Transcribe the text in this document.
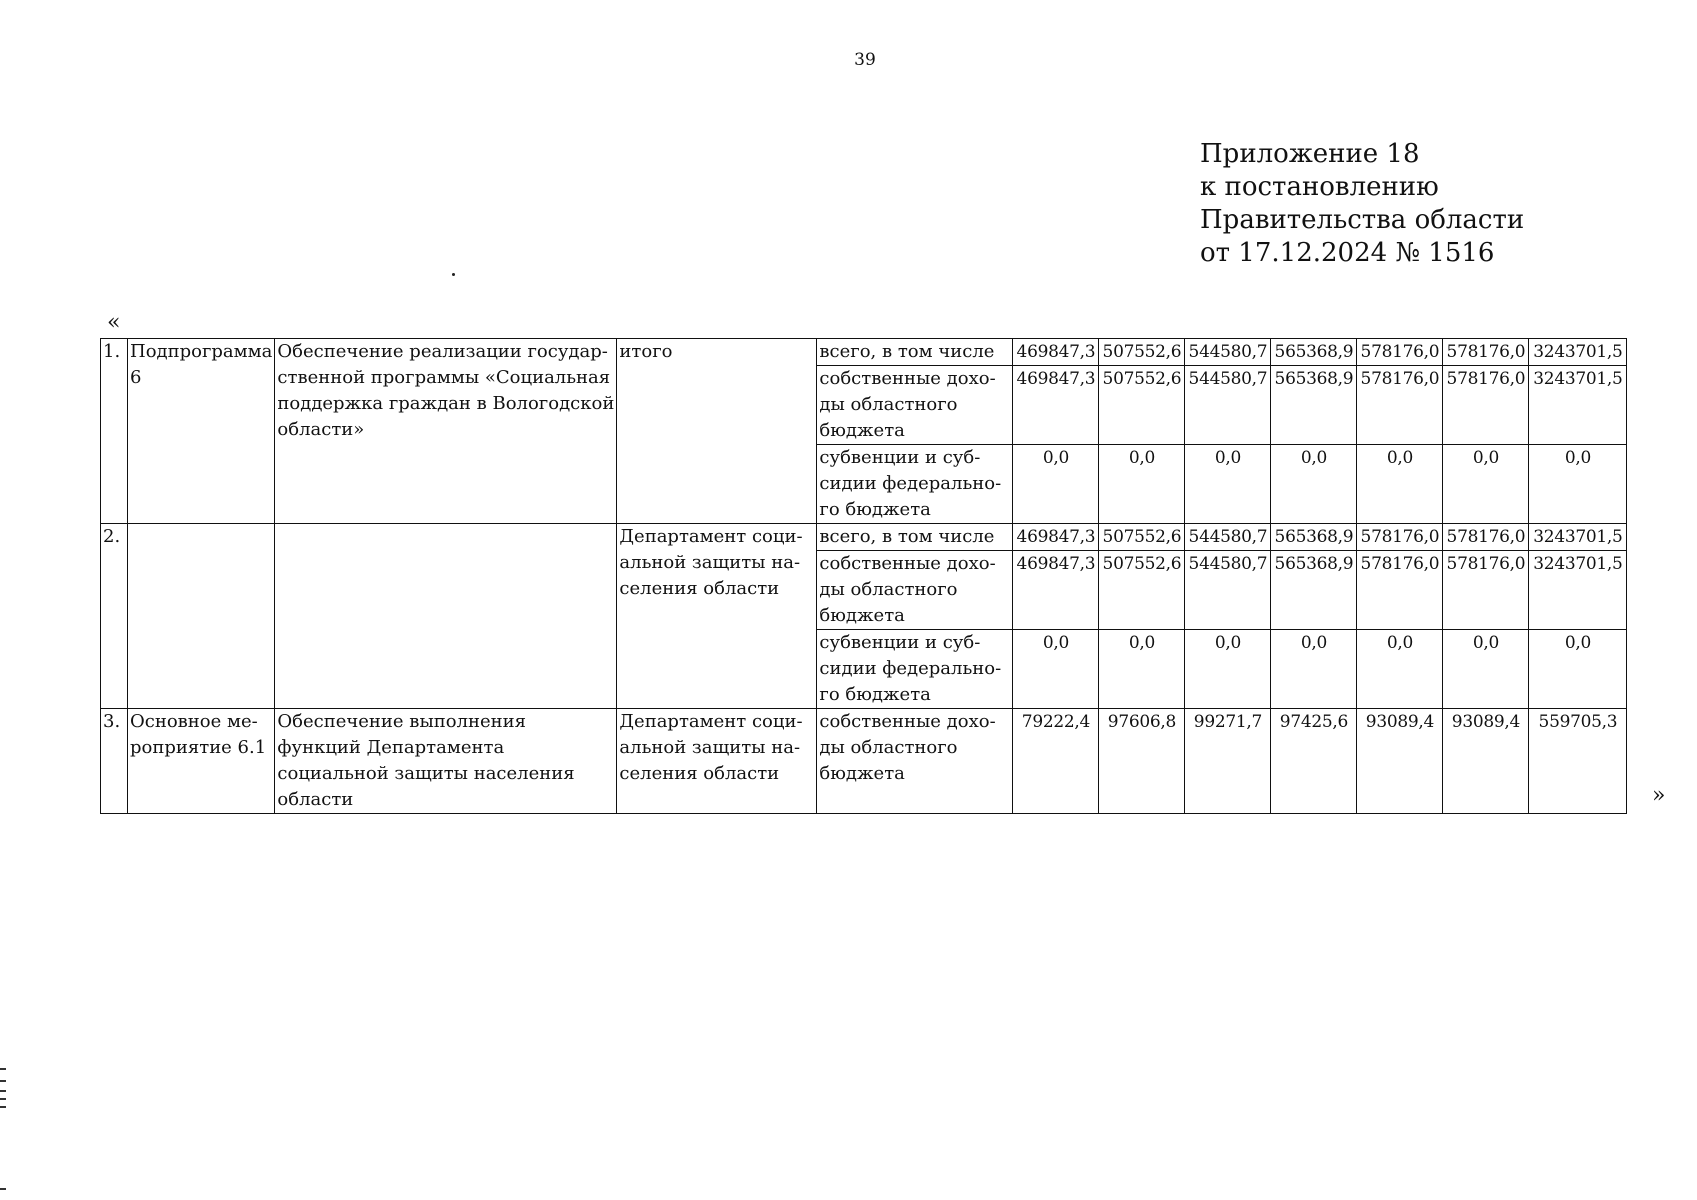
39
Приложение 18
к постановлению
Правительства области
от 17.12.2024 № 1516
«
1.	Подпрограмма 6	Обеспечение реализации государ-ственной программы «Социальная поддержка граждан в Вологодской области»	итого	всего, в том числе	469847,3	507552,6	544580,7	565368,9	578176,0	578176,0	3243701,5
				собственные дохо-ды областного бюджета	469847,3	507552,6	544580,7	565368,9	578176,0	578176,0	3243701,5
				субвенции и суб-сидии федерально-го бюджета	0,0	0,0	0,0	0,0	0,0	0,0	0,0
2.			Департамент соци-альной защиты на-селения области	всего, в том числе	469847,3	507552,6	544580,7	565368,9	578176,0	578176,0	3243701,5
				собственные дохо-ды областного бюджета	469847,3	507552,6	544580,7	565368,9	578176,0	578176,0	3243701,5
				субвенции и суб-сидии федерально-го бюджета	0,0	0,0	0,0	0,0	0,0	0,0	0,0
3.	Основное ме-роприятие 6.1	Обеспечение выполнения функций Департамента социальной защиты населения области	Департамент соци-альной защиты на-селения области	собственные дохо-ды областного бюджета	79222,4	97606,8	99271,7	97425,6	93089,4	93089,4	559705,3
»
